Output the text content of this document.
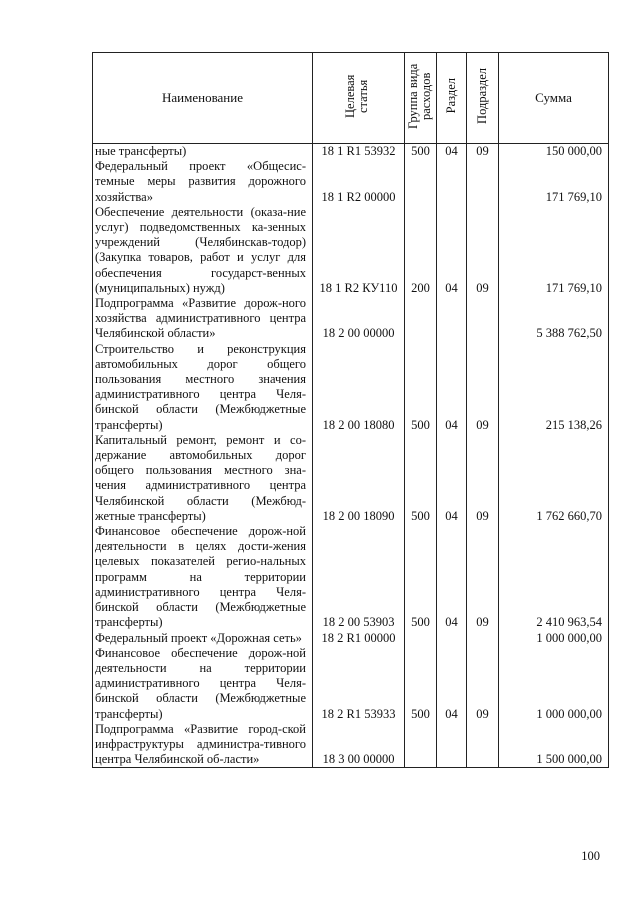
Наименование	Целевая статья	Группа вида расходов	Раздел	Подраздел	Сумма
ные трансферты)	18 1 R1 53932	500	04	09	150 000,00
Федеральный проект «Общесис-темные меры развития дорожного хозяйства»	18 1 R2 00000				171 769,10
Обеспечение деятельности (оказа-ние услуг) подведомственных ка-зенных учреждений (Челябинскав-тодор) (Закупка товаров, работ и услуг для обеспечения государст-венных (муниципальных) нужд)	18 1 R2 КУ110	200	04	09	171 769,10
Подпрограмма «Развитие дорож-ного хозяйства административного центра Челябинской области»	18 2 00 00000				5 388 762,50
Строительство и реконструкция автомобильных дорог общего пользования местного значения административного центра Челя-бинской области (Межбюджетные трансферты)	18 2 00 18080	500	04	09	215 138,26
Капитальный ремонт, ремонт и со-держание автомобильных дорог общего пользования местного зна-чения административного центра Челябинской области (Межбюд-жетные трансферты)	18 2 00 18090	500	04	09	1 762 660,70
Финансовое обеспечение дорож-ной деятельности в целях дости-жения целевых показателей регио-нальных программ на территории административного центра Челя-бинской области (Межбюджетные трансферты)	18 2 00 53903	500	04	09	2 410 963,54
Федеральный проект «Дорожная сеть»	18 2 R1 00000				1 000 000,00
Финансовое обеспечение дорож-ной деятельности на территории административного центра Челя-бинской области (Межбюджетные трансферты)	18 2 R1 53933	500	04	09	1 000 000,00
Подпрограмма «Развитие город-ской инфраструктуры администра-тивного центра Челябинской об-ласти»	18 3 00 00000				1 500 000,00
100
